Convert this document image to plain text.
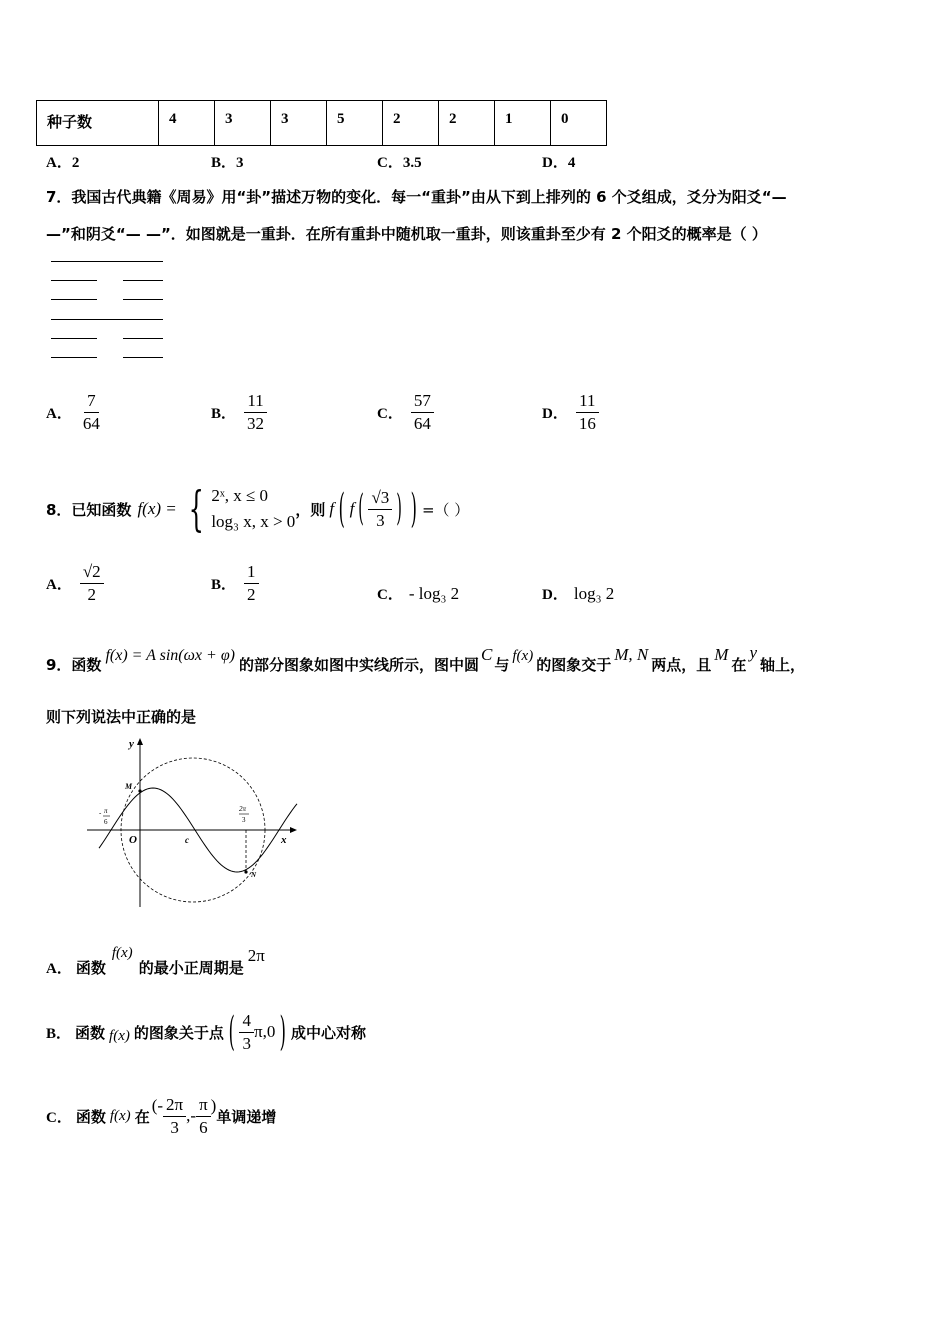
种子数	4	3	3	5	2	2	1	0
A．2	B．3	C．3.5	D．4
7．我国古代典籍《周易》用“卦”描述万物的变化．每一“重卦”由从下到上排列的 6 个爻组成，爻分为阳爻“—
—”和阴爻“— —”．如图就是一重卦．在所有重卦中随机取一重卦，则该重卦至少有 2 个阳爻的概率是（ ）
A． $\frac{7}{64}$	B． $\frac{11}{32}$	C． $\frac{57}{64}$	D． $\frac{11}{16}$
8．已知函数 f(x) = { 2ˣ, x ≤ 0
log₃ x, x > 0
，则 f ( f ( $\frac{√3}{3}$ ) ) =（ ）
A． $\frac{√2}{2}$	B． $\frac{1}{2}$	C． - log₃ 2	D． log₃ 2
9．函数
f(x) = A sin(ωx + φ)
的部分图象如图中实线所示，图中圆
C
与 f(x) 的图象交于
M, N
两点，且
M
在
y
轴上，
则下列说法中正确的是
y
x
O
M
N
c
- π
6
2π
3
A． 函数
f(x)
的最小正周期是
2π
B． 函数 f(x) 的图象关于点 ( $\frac{4}{3} \pi,0$ ) 成中心对称
C． 函数 f(x) 在
( - $\frac{2\pi}{3}$ , - $\frac{\pi}{6}$ )
单调递增
